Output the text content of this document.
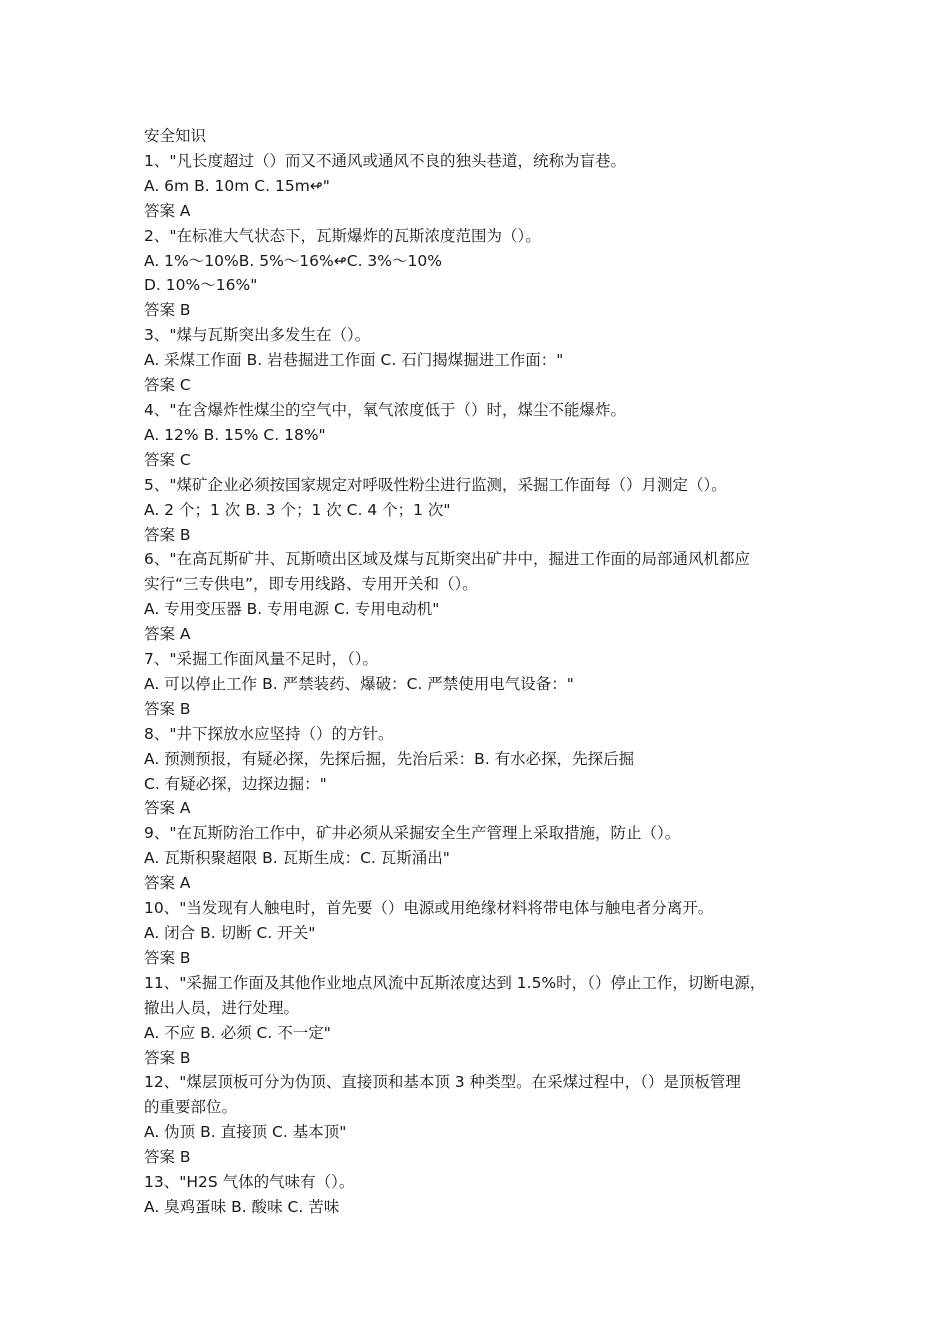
安全知识
1、"凡长度超过（）而又不通风或通风不良的独头巷道，统称为盲巷。
A. 6m B. 10m C. 15m↫"
答案 A
2、"在标准大气状态下，瓦斯爆炸的瓦斯浓度范围为（）。
A. 1%～10%B. 5%～16%↫C. 3%～10%
D. 10%～16%"
答案 B
3、"煤与瓦斯突出多发生在（）。
A. 采煤工作面 B. 岩巷掘进工作面 C. 石门揭煤掘进工作面："
答案 C
4、"在含爆炸性煤尘的空气中，氧气浓度低于（）时，煤尘不能爆炸。
A. 12% B. 15% C. 18%"
答案 C
5、"煤矿企业必须按国家规定对呼吸性粉尘进行监测，采掘工作面每（）月测定（）。
A. 2 个；1 次 B. 3 个；1 次 C. 4 个；1 次"
答案 B
6、"在高瓦斯矿井、瓦斯喷出区域及煤与瓦斯突出矿井中，掘进工作面的局部通风机都应
实行“三专供电”，即专用线路、专用开关和（）。
A. 专用变压器 B. 专用电源 C. 专用电动机"
答案 A
7、"采掘工作面风量不足时，（）。
A. 可以停止工作 B. 严禁装药、爆破：C. 严禁使用电气设备："
答案 B
8、"井下探放水应坚持（）的方针。
A. 预测预报，有疑必探，先探后掘，先治后采：B. 有水必探，先探后掘
C. 有疑必探，边探边掘："
答案 A
9、"在瓦斯防治工作中，矿井必须从采掘安全生产管理上采取措施，防止（）。
A. 瓦斯积聚超限 B. 瓦斯生成：C. 瓦斯涌出"
答案 A
10、"当发现有人触电时，首先要（）电源或用绝缘材料将带电体与触电者分离开。
A. 闭合 B. 切断 C. 开关"
答案 B
11、"采掘工作面及其他作业地点风流中瓦斯浓度达到 1.5%时，（）停止工作，切断电源，
撤出人员，进行处理。
A. 不应 B. 必须 C. 不一定"
答案 B
12、"煤层顶板可分为伪顶、直接顶和基本顶 3 种类型。在采煤过程中，（）是顶板管理
的重要部位。
A. 伪顶 B. 直接顶 C. 基本顶"
答案 B
13、"H2S 气体的气味有（）。
A. 臭鸡蛋味 B. 酸味 C. 苦味
